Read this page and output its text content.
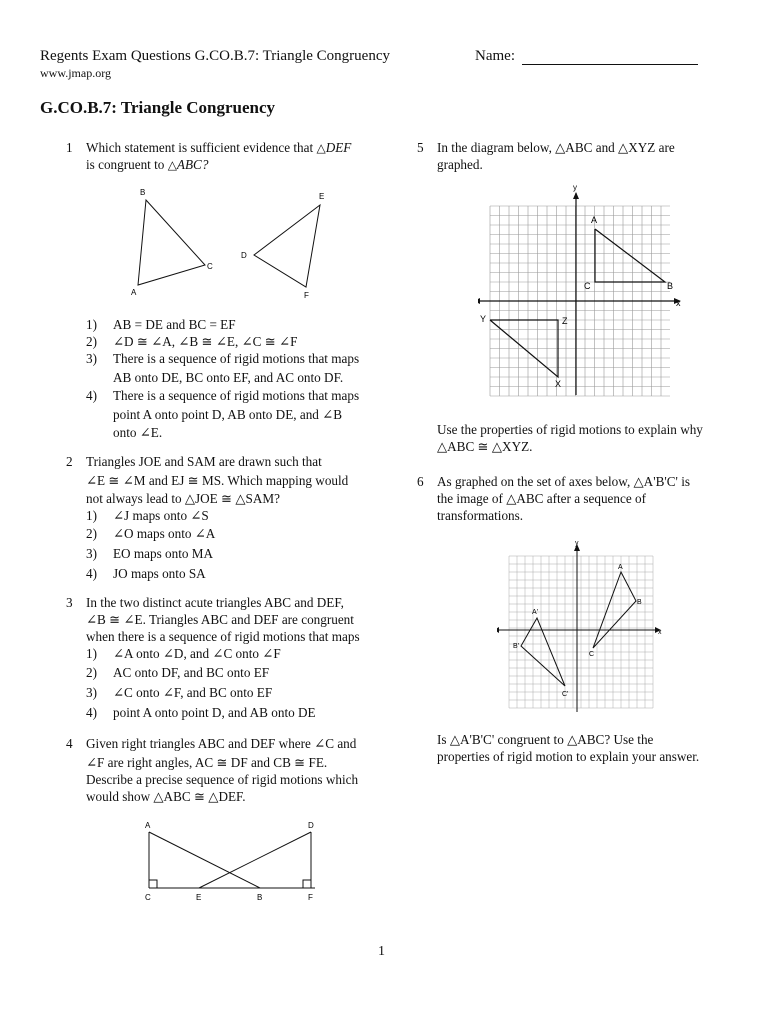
Regents Exam Questions G.CO.B.7: Triangle Congruency
www.jmap.org
Name:
G.CO.B.7: Triangle Congruency
1 Which statement is sufficient evidence that △DEF
is congruent to △ABC?
B	E
D
C
A	F
1) AB = DE and BC = EF
2) ∠D ≅ ∠A, ∠B ≅ ∠E, ∠C ≅ ∠F
3) There is a sequence of rigid motions that maps
AB onto DE, BC onto EF, and AC onto DF.
4) There is a sequence of rigid motions that maps
point A onto point D, AB onto DE, and ∠B
onto ∠E.
2 Triangles JOE and SAM are drawn such that
∠E ≅ ∠M and EJ ≅ MS. Which mapping would
not always lead to △JOE ≅ △SAM?
1) ∠J maps onto ∠S
2) ∠O maps onto ∠A
3) EO maps onto MA
4) JO maps onto SA
3 In the two distinct acute triangles ABC and DEF,
∠B ≅ ∠E. Triangles ABC and DEF are congruent
when there is a sequence of rigid motions that maps
1) ∠A onto ∠D, and ∠C onto ∠F
2) AC onto DF, and BC onto EF
3) ∠C onto ∠F, and BC onto EF
4) point A onto point D, and AB onto DE
4 Given right triangles ABC and DEF where ∠C and
∠F are right angles, AC ≅ DF and CB ≅ FE.
Describe a precise sequence of rigid motions which
would show △ABC ≅ △DEF.
A	D
C	E	B	F
5 In the diagram below, △ABC and △XYZ are
graphed.
y
A
C	B
x
Y	Z
X
Use the properties of rigid motions to explain why
△ABC ≅ △XYZ.
6 As graphed on the set of axes below, △A'B'C' is
the image of △ABC after a sequence of
transformations.
y
A
B
x
A'
B'
C
C'
Is △A'B'C' congruent to △ABC? Use the
properties of rigid motion to explain your answer.
1
